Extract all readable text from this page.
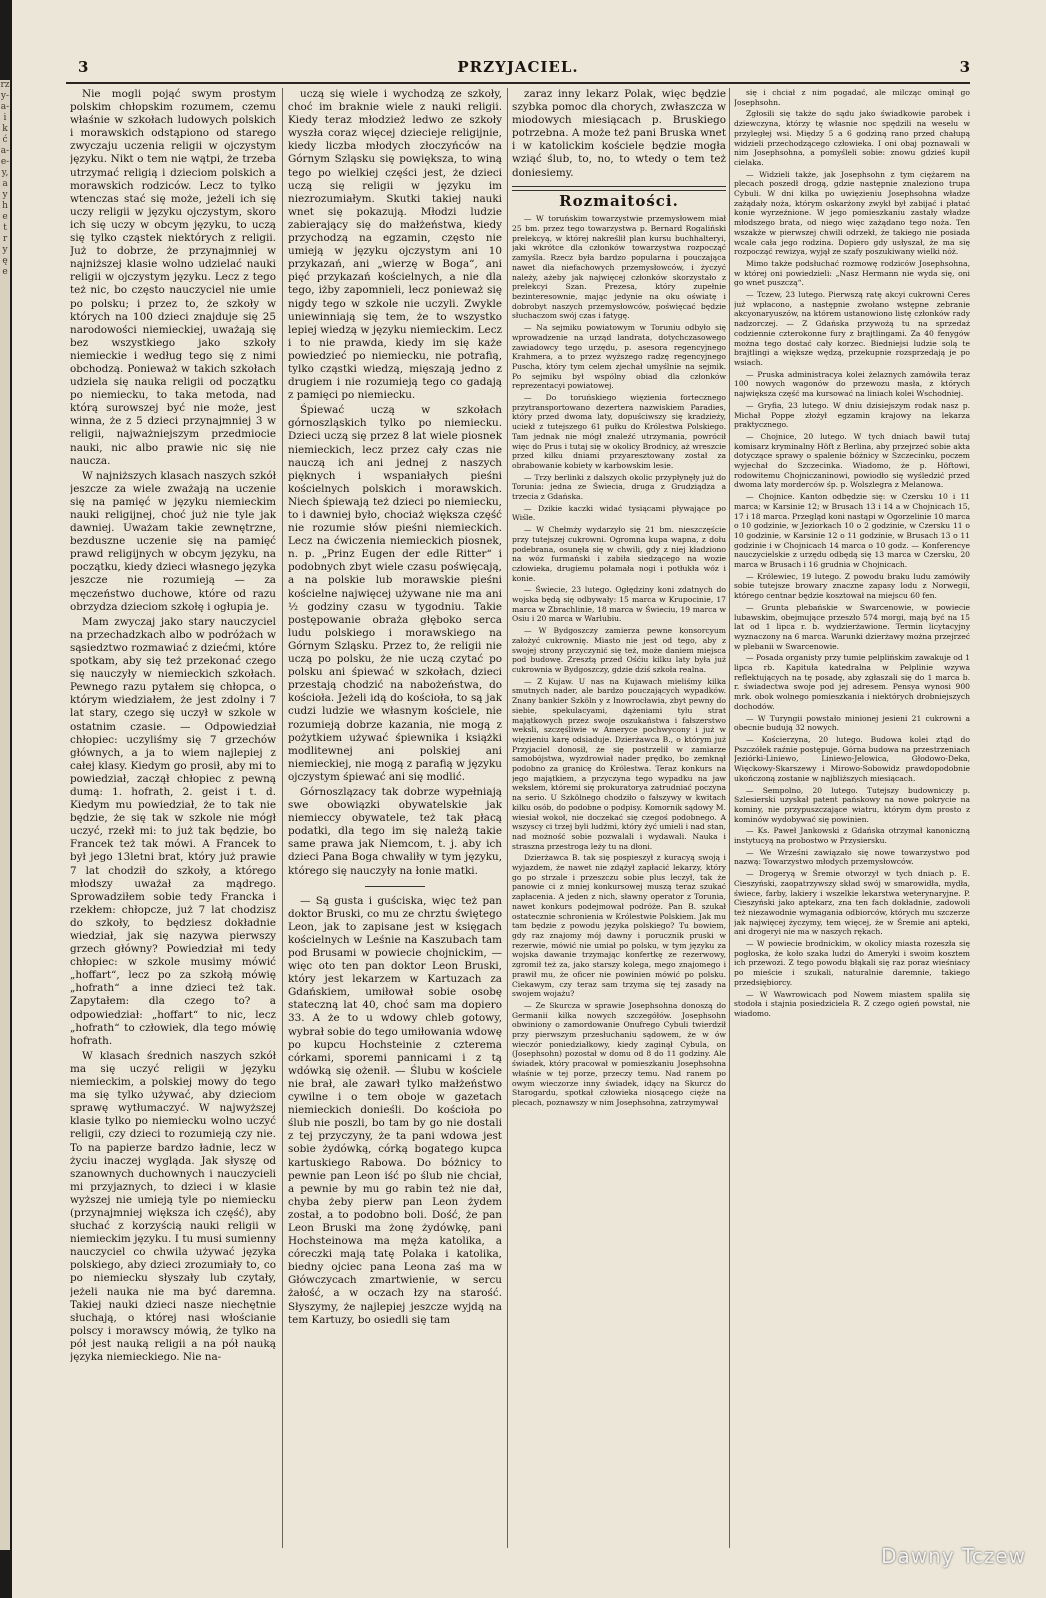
rz y- a- i k ć a- e- y, a y h e t r y ę e
3	PRZYJACIEL.	3

Nie mogli pojąć swym prostym polskim chłopskim rozumem, czemu właśnie w szkołach ludowych polskich i morawskich odstąpiono od starego zwyczaju uczenia religii w ojczystym języku. Nikt o tem nie wątpi, że trzeba utrzymać religią i dzieciom polskich a morawskich rodziców. Lecz to tylko wtenczas stać się może, jeżeli ich się uczy religii w języku ojczystym, skoro ich się uczy w obcym języku, to uczą się tylko cząstek niektórych z religii. Już to dobrze, że przynajmniej w najniższej klasie wolno udzielać nauki religii w ojczystym języku. Lecz z tego też nic, bo często nauczyciel nie umie po polsku; i przez to, że szkoły w których na 100 dzieci znajduje się 25 narodowości niemieckiej, uważają się bez wszystkiego jako szkoły niemieckie i według tego się z nimi obchodzą. Ponieważ w takich szkołach udziela się nauka religii od początku po niemiecku, to taka metoda, nad którą surowszej być nie może, jest winna, że z 5 dzieci przynajmniej 3 w religii, najważniejszym przedmiocie nauki, nic albo prawie nic się nie naucza.

W najniższych klasach naszych szkół jeszcze za wiele zważają na uczenie się na pamięć w języku niemieckim nauki religijnej, choć już nie tyle jak dawniej. Uważam takie zewnętrzne, bezduszne uczenie się na pamięć prawd religijnych w obcym języku, na początku, kiedy dzieci własnego języka jeszcze nie rozumieją — za męczeństwo duchowe, które od razu obrzydza dzieciom szkołę i ogłupia je.

Mam zwyczaj jako stary nauczyciel na przechadzkach albo w podróżach w sąsiedztwo rozmawiać z dziećmi, które spotkam, aby się też przekonać czego się nauczyły w niemieckich szkołach. Pewnego razu pytałem się chłopca, o którym wiedziałem, że jest zdolny i 7 lat stary, czego się uczył w szkole w ostatnim czasie. — Odpowiedział chłopiec: uczyliśmy się 7 grzechów głównych, a ja to wiem najlepiej z całej klasy. Kiedym go prosił, aby mi to powiedział, zaczął chłopiec z pewną dumą: 1. hofrath, 2. geist i t. d. Kiedym mu powiedział, że to tak nie będzie, że się tak w szkole nie mógł uczyć, rzekł mi: to już tak będzie, bo Francek też tak mówi. A Francek to był jego 13letni brat, który już prawie 7 lat chodził do szkoły, a którego młodszy uważał za mądrego. Sprowadziłem sobie tedy Francka i rzekłem: chłopcze, już 7 lat chodzisz do szkoły, to będziesz dokładnie wiedział, jak się nazywa pierwszy grzech główny? Powiedział mi tedy chłopiec: w szkole musimy mówić „hoffart“, lecz po za szkołą mówię „hofrath“ a inne dzieci też tak. Zapytałem: dla czego to? a odpowiedział: „hoffart“ to nic, lecz „hofrath“ to człowiek, dla tego mówię hofrath.

W klasach średnich naszych szkół ma się uczyć religii w języku niemieckim, a polskiej mowy do tego ma się tylko używać, aby dzieciom sprawę wytłumaczyć. W najwyższej klasie tylko po niemiecku wolno uczyć religii, czy dzieci to rozumieją czy nie. To na papierze bardzo ładnie, lecz w życiu inaczej wygląda. Jak słyszę od szanownych duchownych i nauczycieli mi przyjaznych, to dzieci i w klasie wyższej nie umieją tyle po niemiecku (przynajmniej większa ich część), aby słuchać z korzyścią nauki religii w niemieckim języku. I tu musi sumienny nauczyciel co chwila używać języka polskiego, aby dzieci zrozumiały to, co po niemiecku słyszały lub czytały, jeżeli nauka nie ma być daremna. Takiej nauki dzieci nasze niechętnie słuchają, o której nasi włościanie polscy i morawscy mówią, że tylko na pół jest nauką religii a na pół nauką języka niemieckiego. Nie na-

uczą się wiele i wychodzą ze szkoły, choć im braknie wiele z nauki religii. Kiedy teraz młodzież ledwo ze szkoły wyszła coraz więcej dziecieje religijnie, kiedy liczba młodych złoczyńców na Górnym Szląsku się powiększa, to winą tego po wielkiej części jest, że dzieci uczą się religii w języku im niezrozumiałym. Skutki takiej nauki wnet się pokazują. Młodzi ludzie zabierający się do małżeństwa, kiedy przychodzą na egzamin, często nie umieją w języku ojczystym ani 10 przykazań, ani „wierzę w Boga“, ani pięć przykazań kościelnych, a nie dla tego, iżby zapomnieli, lecz ponieważ się nigdy tego w szkole nie uczyli. Zwykle uniewinniają się tem, że to wszystko lepiej wiedzą w języku niemieckim. Lecz i to nie prawda, kiedy im się każe powiedzieć po niemiecku, nie potrafią, tylko cząstki wiedzą, mięszają jedno z drugiem i nie rozumieją tego co gadają z pamięci po niemiecku.

Śpiewać uczą w szkołach górnoszląskich tylko po niemiecku. Dzieci uczą się przez 8 lat wiele piosnek niemieckich, lecz przez cały czas nie nauczą ich ani jednej z naszych pięknych i wspaniałych pieśni kościelnych polskich i morawskich. Niech śpiewają też dzieci po niemiecku, to i dawniej było, chociaż większa część nie rozumie słów pieśni niemieckich. Lecz na ćwiczenia niemieckich piosnek, n. p. „Prinz Eugen der edle Ritter“ i podobnych zbyt wiele czasu poświęcają, a na polskie lub morawskie pieśni kościelne najwięcej używane nie ma ani ½ godziny czasu w tygodniu. Takie postępowanie obraża głęboko serca ludu polskiego i morawskiego na Górnym Szląsku. Przez to, że religii nie uczą po polsku, że nie uczą czytać po polsku ani śpiewać w szkołach, dzieci przestają chodzić na nabożeństwa, do kościoła. Jeżeli idą do kościoła, to są jak cudzi ludzie we własnym kościele, nie rozumieją dobrze kazania, nie mogą z pożytkiem używać śpiewnika i książki modlitewnej ani polskiej ani niemieckiej, nie mogą z parafią w języku ojczystym śpiewać ani się modlić.

Górnoszlązacy tak dobrze wypełniają swe obowiązki obywatelskie jak niemieccy obywatele, też tak płacą podatki, dla tego im się należą takie same prawa jak Niemcom, t. j. aby ich dzieci Pana Boga chwaliły w tym języku, którego się nauczyły na łonie matki.

— Są gusta i guściska, więc też pan doktor Bruski, co mu ze chrztu świętego Leon, jak to zapisane jest w księgach kościelnych w Leśnie na Kaszubach tam pod Brusami w powiecie chojnickim, — więc oto ten pan doktor Leon Bruski, który jest lekarzem w Kartuzach za Gdańskiem, umiłował sobie osobę stateczną lat 40, choć sam ma dopiero 33. A że to u wdowy chleb gotowy, wybrał sobie do tego umiłowania wdowę po kupcu Hochsteinie z czterema córkami, sporemi pannicami i z tą wdówką się ożenił. — Ślubu w kościele nie brał, ale zawarł tylko małżeństwo cywilne i o tem oboje w gazetach niemieckich donieśli. Do kościoła po ślub nie poszli, bo tam by go nie dostali z tej przyczyny, że ta pani wdowa jest sobie żydówką, córką bogatego kupca kartuskiego Rabowa. Do bóżnicy to pewnie pan Leon iść po ślub nie chciał, a pewnie by mu go rabin też nie dał, chyba żeby pierw pan Leon żydem został, a to podobno boli. Dość, że pan Leon Bruski ma żonę żydówkę, pani Hochsteinowa ma męża katolika, a córeczki mają tatę Polaka i katolika, biedny ojciec pana Leona zaś ma w Główczycach zmartwienie, w sercu żałość, a w oczach łzy na starość. Słyszymy, że najlepiej jeszcze wyjdą na tem Kartuzy, bo osiedli się tam

zaraz inny lekarz Polak, więc będzie szybka pomoc dla chorych, zwłaszcza w miodowych miesiącach p. Bruskiego potrzebna. A może też pani Bruska wnet i w katolickim kościele będzie mogła wziąć ślub, to, no, to wtedy o tem też doniesiemy.

Rozmaitości.

— W toruńskim towarzystwie przemysłowem miał 25 bm. przez tego towarzystwa p. Bernard Rogaliński prelekcyą, w której nakreślił plan kursu buchhalteryi, jaki wkrótce dla członków towarzystwa rozpocząć zamyśla. Rzecz była bardzo popularna i pouczająca nawet dla niefachowych przemysłowców, i życzyć należy, ażeby jak najwięcej członków skorzystało z prelekcyi Szan. Prezesa, który zupełnie bezinteresownie, mając jedynie na oku oświatę i dobrobyt naszych przemysłowców, poświęcać będzie słuchaczom swój czas i fatygę.

— Na sejmiku powiatowym w Toruniu odbyło się wprowadzenie na urząd landrata, dotychczasowego zawiadowcy tego urzędu, p. asesora regencyjnego Krahmera, a to przez wyższego radzę regencyjnego Puscha, który tym celem zjechał umyślnie na sejmik. Po sejmiku był wspólny obiad dla członków reprezentacyi powiatowej.

— Do toruńskiego więzienia fortecznego przytransportowano dezertera nazwiskiem Paradies, który przed dwoma laty, dopuściwszy się kradzieży, uciekł z tutejszego 61 pułku do Królestwa Polskiego. Tam jednak nie mógł znaleźć utrzymania, powrócił więc do Prus i tutaj się w okolicy Brodnicy, aż wreszcie przed kilku dniami przyaresztowany został za obrabowanie kobiety w karbowskim lesie.

— Trzy berlinki z dalszych okolic przypłynęły już do Torunia: jedna ze Świecia, druga z Grudziądza a trzecia z Gdańska.

— Dzikie kaczki widać tysiącami pływające po Wiśle.

— W Chełmży wydarzyło się 21 bm. nieszczęście przy tutejszej cukrowni. Ogromna kupa wapna, z dołu podebrana, osunęła się w chwili, gdy z niej kładziono na wóz furmański i zabiła siedzącego na wozie człowieka, drugiemu połamała nogi i potłukła wóz i konie.

— Świecie, 23 lutego. Ogłędziny koni zdatnych do wojska będą się odbywały: 15 marca w Krupocinie, 17 marca w Zbrachlinie, 18 marca w Świeciu, 19 marca w Osiu i 20 marca w Warlubiu.

— W Bydgoszczy zamierza pewne konsorcyum założyć cukrownię. Miasto nie jest od tego, aby z swojej strony przyczynić się też, może daniem miejsca pod budowę. Zresztą przed Ośćiu kilku laty była już cukrownia w Bydgoszczy, gdzie dziś szkoła realna.

— Z Kujaw. U nas na Kujawach mieliśmy kilka smutnych nader, ale bardzo pouczających wypadków. Znany bankier Szköln y z Inowrocławia, zbyt pewny do siebie, spekulacyami, dążeniami tylu strat majątkowych przez swoje oszukaństwa i fałszerstwo weksli, szczęśliwie w Ameryce pochwycony i już w więzieniu karę odsiaduje. Dzierżawca B., o którym już Przyjaciel donosił, że się postrzelił w zamiarze samobójstwa, wyzdrowiał nader prędko, bo zemknął podobno za granicę do Królestwa. Teraz konkurs na jego majątkiem, a przyczyna tego wypadku na jaw wekslem, któremi się prokuratorya zatrudniać poczyna na serio. U Szkölnego chodziło o fałszywy w kwitach kilku osób, do podobne o podpisy. Komornik sądowy M. wiesiał wokoł, nie doczekać się czegoś podobnego. A wszyscy ci trzej byli ludźmi, który żyć umieli i nad stan, nad możność sobie pozwalali i wydawali. Nauka i straszna przestroga leży tu na dłoni.

Dzierżawca B. tak się pospieszył z kuracyą swoją i wyjazdem, że nawet nie zdążył zapłacić lekarzy, który go po strzale i przeszczu sobie plus leczył, tak że panowie ci z mniej konkursowej muszą teraz szukać zapłacenia. A jeden z nich, sławny operator z Torunia, nawet konkurs podejmował podróże. Pan B. szukał ostatecznie schronienia w Królestwie Polskiem. Jak mu tam będzie z powodu języka polskiego? Tu bowiem, gdy raz znajomy mój dawny i porucznik pruski w rezerwie, mówić nie umiał po polsku, w tym języku za wojska dawanie trzymając konfertkę ze rezerwowy, zgromił też za, jako starszy kolega, mego znajomego i prawił mu, że oficer nie powinien mówić po polsku. Ciekawym, czy teraz sam trzyma się tej zasady na swojem wojażu?

— Ze Skurcza w sprawie Josephsohna donoszą do Germanii kilka nowych szczegółów. Josephsohn obwiniony o zamordowanie Onufrego Cybuli twierdził przy pierwszym przesłuchaniu sądowem, że w ów wieczór poniedziałkowy, kiedy zaginął Cybula, on (Josephsohn) pozostał w domu od 8 do 11 godziny. Ale świadek, który pracował w pomieszkaniu Josephsohna właśnie w tej porze, przeczy temu. Nad ranem po owym wieczorze inny świadek, idący na Skurcz do Starogardu, spotkał człowieka niosącego cięże na plecach, poznawszy w nim Josephsohna, zatrzymywał

się i chciał z nim pogadać, ale milcząc ominął go Josephsohn.

Zgłosili się także do sądu jako świadkowie parobek i dziewczyna, którzy tę własnie noc spędzili na weselu w przyległej wsi. Między 5 a 6 godziną rano przed chałupą widzieli przechodzącego człowieka. I oni obaj poznawali w nim Josephsohna, a pomyśleli sobie: znowu gdzieś kupił cielaka.

— Widzieli także, jak Josephsohn z tym ciężarem na plecach poszedł drogą, gdzie następnie znaleziono trupa Cybuli. W dni kilka po uwięzieniu Josephsohna władze zażądały noża, którym oskarżony zwykł był zabijać i płatać konie wyrzeźnione. W jego pomieszkaniu zastały władze młodszego brata, od niego więc zażądano tego noża. Ten wszakże w pierwszej chwili odrzekł, że takiego nie posiada wcale cała jego rodzina. Dopiero gdy usłyszał, że ma się rozpocząć rewizya, wyjął ze szafy poszukiwany wielki nóż.

Mimo także podsłuchać rozmowę rodziców Josephsohna, w której oni powiedzieli: „Nasz Hermann nie wyda się, oni go wnet puszczą“.

— Tczew, 23 lutego. Pierwszą ratę akcyi cukrowni Ceres już wpłacono, a następnie zwołano wstępne zebranie akcyonaryuszów, na którem ustanowiono listę członków rady nadzorczej. — Z Gdańska przywożą tu na sprzedaż codziennie czterokonne fury z brajtlingami. Za 40 fenygów można tego dostać cały korzec. Biedniejsi ludzie solą te brajtlingi a większe wędzą, przekupnie rozsprzedają je po wsiach.

— Pruska administracya kolei żelaznych zamówiła teraz 100 nowych wagonów do przewozu masła, z których największa część ma kursować na liniach kolei Wschodniej.

— Gryfia, 23 lutego. W dniu dzisiejszym rodak nasz p. Michał Poppe złożył egzamin krajowy na lekarza praktycznego.

— Chojnice, 20 lutego. W tych dniach bawił tutaj komisarz kryminalny Höft z Berlina, aby przejrzeć sobie akta dotyczące sprawy o spalenie bóżnicy w Szczecinku, poczem wyjechał do Szczecinka. Wiadomo, że p. Höftowi, rodowitemu Chojniczaninowi, powiodło się wyśledzić przed dwoma laty morderców śp. p. Wolszlegra z Melanowa.

— Chojnice. Kanton odbędzie się: w Czersku 10 i 11 marca; w Karsinie 12; w Brusach 13 i 14 a w Chojnicach 15, 17 i 18 marca. Przegląd koni nastąpi w Ogorzelinie 10 marca o 10 godzinie, w Jeziorkach 10 o 2 godzinie, w Czersku 11 o 10 godzinie, w Karsinie 12 o 11 godzinie, w Brusach 13 o 11 godzinie i w Chojnicach 14 marca o 10 godz. — Konferencye nauczycielskie z urzędu odbędą się 13 marca w Czersku, 20 marca w Brusach i 16 grudnia w Chojnicach.

— Królewiec, 19 lutego. Z powodu braku ludu zamówiły sobie tutejsze browary znaczne zapasy lodu z Norwegii, którego centnar będzie kosztował na miejscu 60 fen.

— Grunta plebańskie w Swarcenowie, w powiecie lubawskim, obejmujące przeszło 574 morgi, mają być na 15 lat od 1 lipca r. b. wydzierżawione. Termin licytacyjny wyznaczony na 6 marca. Warunki dzierżawy można przejrzeć w plebanii w Swarcenowie.

— Posada organisty przy tumie pelplińskim zawakuje od 1 lipca rb. Kapituła katedralna w Pelplinie wzywa reflektujących na tę posadę, aby zgłaszali się do 1 marca b. r. świadectwa swoje pod jej adresem. Pensya wynosi 900 mrk. obok wolnego pomieszkania i niektórych drobniejszych dochodów.

— W Turyngii powstało minionej jesieni 21 cukrowni a obecnie budują 32 nowych.

— Kościerzyna, 20 lutego. Budowa kolei ztąd do Pszczółek raźnie postępuje. Górna budowa na przestrzeniach Jeziórki-Liniewo, Liniewo-Jelowica, Głodowo-Deka, Więckowy-Skarszewy i Mirowo-Sobowidz prawdopodobnie ukończoną zostanie w najbliższych miesiącach.

— Sempolno, 20 lutego. Tutejszy budowniczy p. Szlesierski uzyskał patent pańskowy na nowe pokrycie na kominy, nie przypuszczające wiatru, którym dym prosto z kominów wydobywać się powinien.

— Ks. Paweł Jankowski z Gdańska otrzymał kanoniczną instytucyą na probostwo w Przysiersku.

— We Wrześni zawiązało się nowe towarzystwo pod nazwą: Towarzystwo młodych przemysłowców.

— Drogeryą w Śremie otworzył w tych dniach p. E. Cieszyński, zaopatrzywszy skład swój w smarowidła, mydła, świece, farby, lakiery i wszelkie lekarstwa weterynaryjne. P. Cieszyński jako aptekarz, zna ten fach dokładnie, zadowoli też niezawodnie wymagania odbiorców, których mu szczerze jak najwięcej życzymy, tem więcej, że w Śremie ani apteki, ani drogeryi nie ma w naszych rękach.

— W powiecie brodnickim, w okolicy miasta rozeszła się pogłoska, że koło szaka ludzi do Ameryki i swoim kosztem ich przewozi. Z tego powodu błąkali się raz poraz wieśniacy po mieście i szukali, naturalnie daremnie, takiego przedsiębiorcy.

— W Wawrowicach pod Nowem miastem spaliła się stodoła i stajnia posiedziciela R. Z czego ogień powstał, nie wiadomo.

Dawny Tczew
